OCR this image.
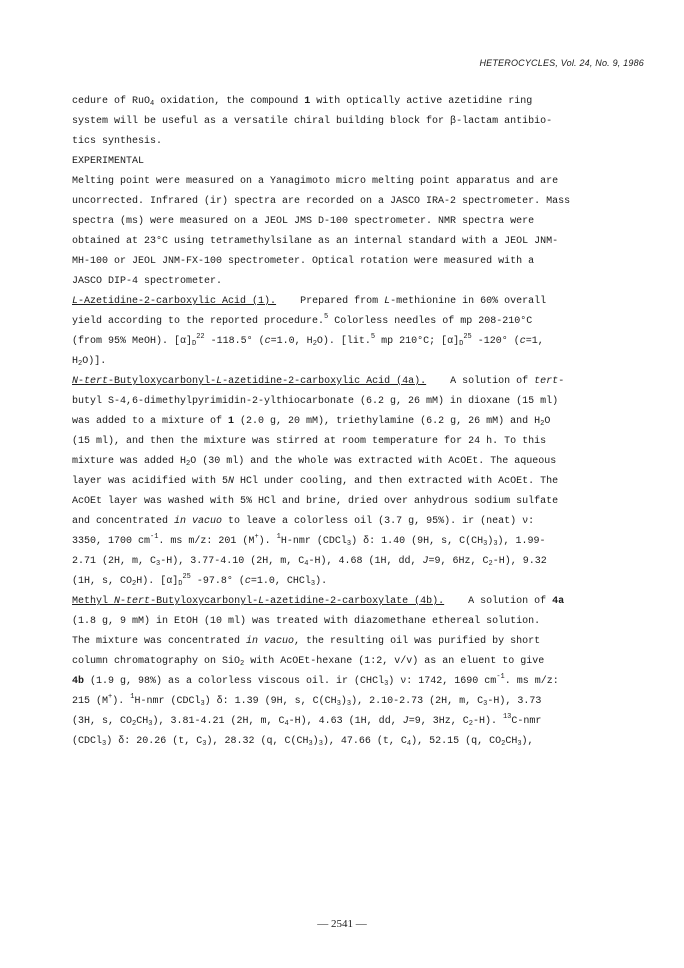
HETEROCYCLES, Vol. 24, No. 9, 1986
cedure of RuO$_4$ oxidation, the compound 1 with optically active azetidine ring
system will be useful as a versatile chiral building block for β-lactam antibio-
tics synthesis.
EXPERIMENTAL
Melting point were measured on a Yanagimoto micro melting point apparatus and are
uncorrected. Infrared (ir) spectra are recorded on a JASCO IRA-2 spectrometer. Mass
spectra (ms) were measured on a JEOL JMS D-100 spectrometer. NMR spectra were
obtained at 23°C using tetramethylsilane as an internal standard with a JEOL JNM-
MH-100 or JEOL JNM-FX-100 spectrometer. Optical rotation were measured with a
JASCO DIP-4 spectrometer.
L-Azetidine-2-carboxylic Acid (1). Prepared from L-methionine in 60% overall
yield according to the reported procedure.$^5$ Colorless needles of mp 208-210°C
(from 95% MeOH). $[\alpha]_D^{22}$ -118.5° (c=1.0, $H_2O$). [lit.$^5$ mp 210°C; $[\alpha]_D^{25}$ -120° (c=1,
$H_2O$)].
N-tert-Butyloxycarbonyl-L-azetidine-2-carboxylic Acid (4a). A solution of tert-
butyl S-4,6-dimethylpyrimidin-2-ylthiocarbonate (6.2 g, 26 mM) in dioxane (15 ml)
was added to a mixture of 1 (2.0 g, 20 mM), triethylamine (6.2 g, 26 mM) and $H_2O$
(15 ml), and then the mixture was stirred at room temperature for 24 h. To this
mixture was added $H_2O$ (30 ml) and the whole was extracted with AcOEt. The aqueous
layer was acidified with 5N HCl under cooling, and then extracted with AcOEt. The
AcOEt layer was washed with 5% HCl and brine, dried over anhydrous sodium sulfate
and concentrated in vacuo to leave a colorless oil (3.7 g, 95%). ir (neat) ν:
3350, 1700 $cm^{-1}$. ms m/z: 201 (M+). $^1$H-nmr (CDCl$_3$) δ: 1.40 (9H, s, $C(CH_3)_3$), 1.99-
2.71 (2H, m, $C_3-H$), 3.77-4.10 (2H, m, $C_4-H$), 4.68 (1H, dd, J=9, 6Hz, $C_2-H$), 9.32
(1H, s, $CO_2H$). $[\alpha]_D^{25}$ -97.8° (c=1.0, CHCl$_3$).
Methyl N-tert-Butyloxycarbonyl-L-azetidine-2-carboxylate (4b). A solution of 4a
(1.8 g, 9 mM) in EtOH (10 ml) was treated with diazomethane ethereal solution.
The mixture was concentrated in vacuo, the resulting oil was purified by short
column chromatography on SiO$_2$ with AcOEt-hexane (1:2, v/v) as an eluent to give
4b (1.9 g, 98%) as a colorless viscous oil. ir (CHCl$_3$) ν: 1742, 1690 $cm^{-1}$. ms m/z:
215 (M+). $^1$H-nmr (CDCl$_3$) δ: 1.39 (9H, s, $C(CH_3)_3$), 2.10-2.73 (2H, m, $C_3-H$), 3.73
(3H, s, $CO_2CH_3$), 3.81-4.21 (2H, m, $C_4-H$), 4.63 (1H, dd, J=9, 3Hz, $C_2-H$). $^{13}$C-nmr
(CDCl$_3$) δ: 20.26 (t, $C_3$), 28.32 (q, $C(CH_3)_3$), 47.66 (t, $C_4$), 52.15 (q, $CO_2CH_3$),
— 2541 —
